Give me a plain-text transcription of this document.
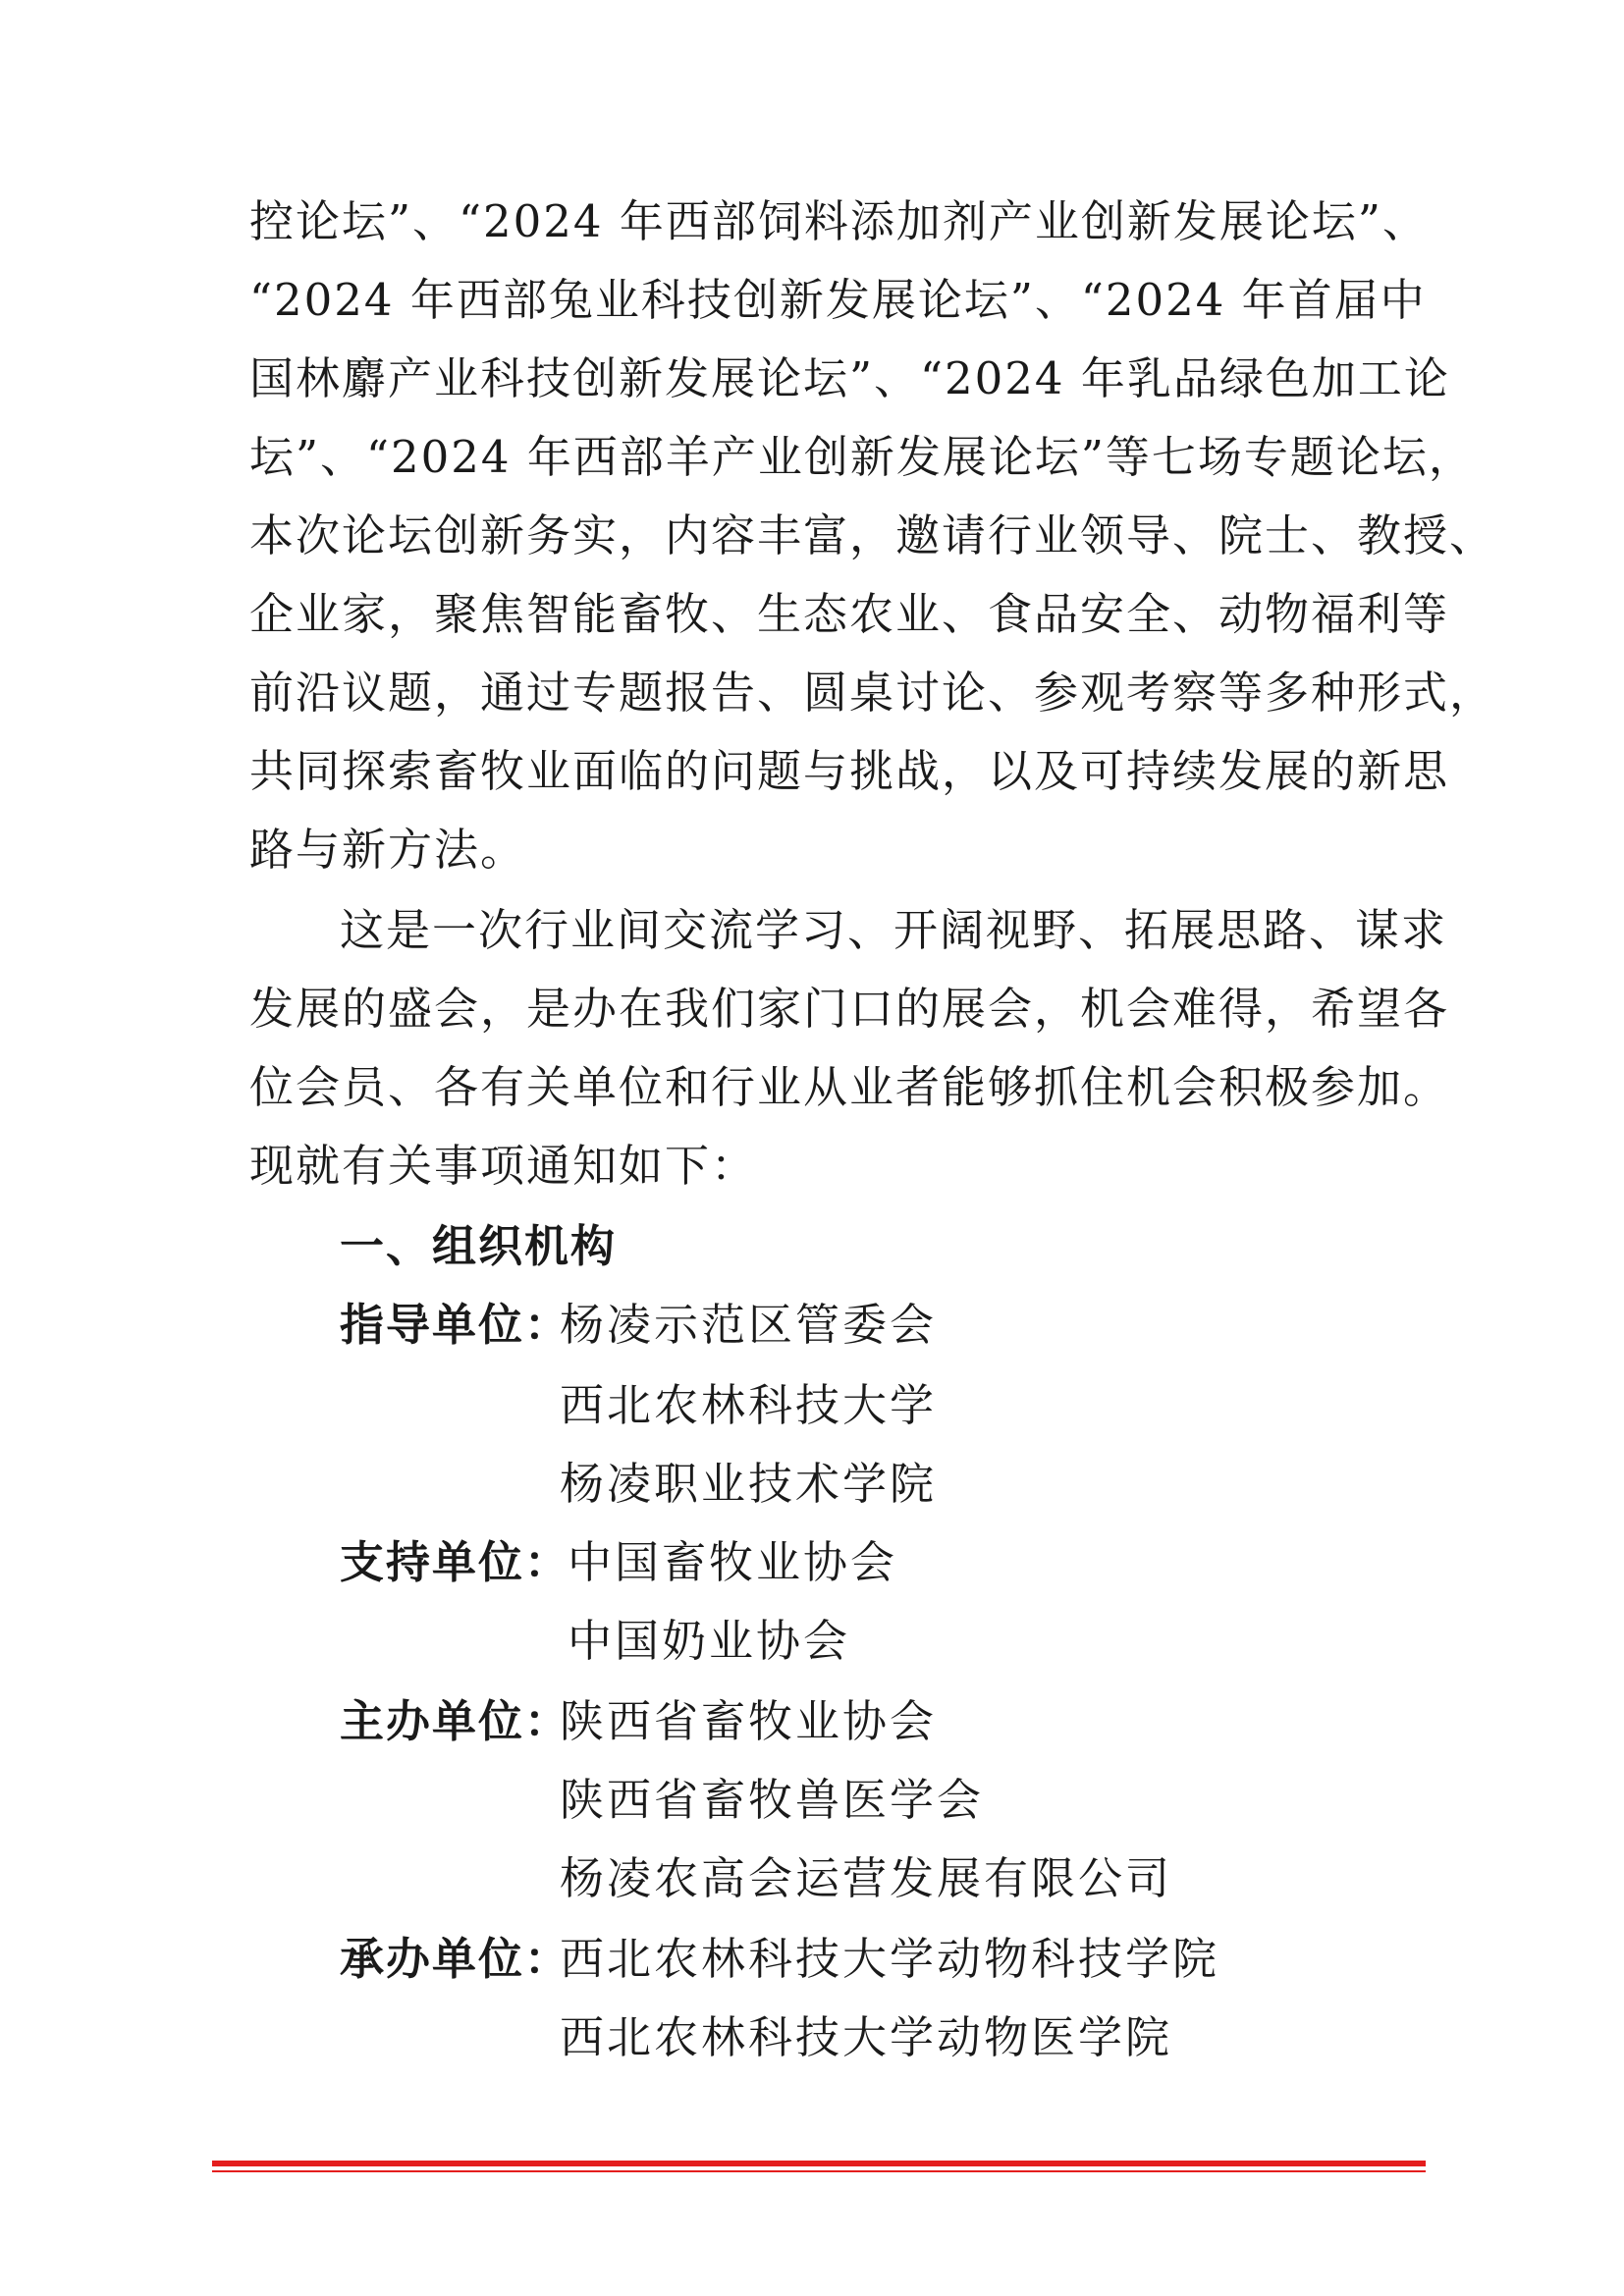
控论坛”、“2024 年西部饲料添加剂产业创新发展论坛”、
“2024 年西部兔业科技创新发展论坛”、“2024 年首届中
国林麝产业科技创新发展论坛”、“2024 年乳品绿色加工论
坛”、“2024 年西部羊产业创新发展论坛”等七场专题论坛，
本次论坛创新务实，内容丰富，邀请行业领导、院士、教授、
企业家，聚焦智能畜牧、生态农业、食品安全、动物福利等
前沿议题，通过专题报告、圆桌讨论、参观考察等多种形式，
共同探索畜牧业面临的问题与挑战，以及可持续发展的新思
路与新方法。
这是一次行业间交流学习、开阔视野、拓展思路、谋求
发展的盛会，是办在我们家门口的展会，机会难得，希望各
位会员、各有关单位和行业从业者能够抓住机会积极参加。
现就有关事项通知如下：
一、组织机构
指导单位：
杨凌示范区管委会
西北农林科技大学
杨凌职业技术学院
支持单位：
中国畜牧业协会
中国奶业协会
主办单位：
陕西省畜牧业协会
陕西省畜牧兽医学会
杨凌农高会运营发展有限公司
承办单位：
西北农林科技大学动物科技学院
西北农林科技大学动物医学院
